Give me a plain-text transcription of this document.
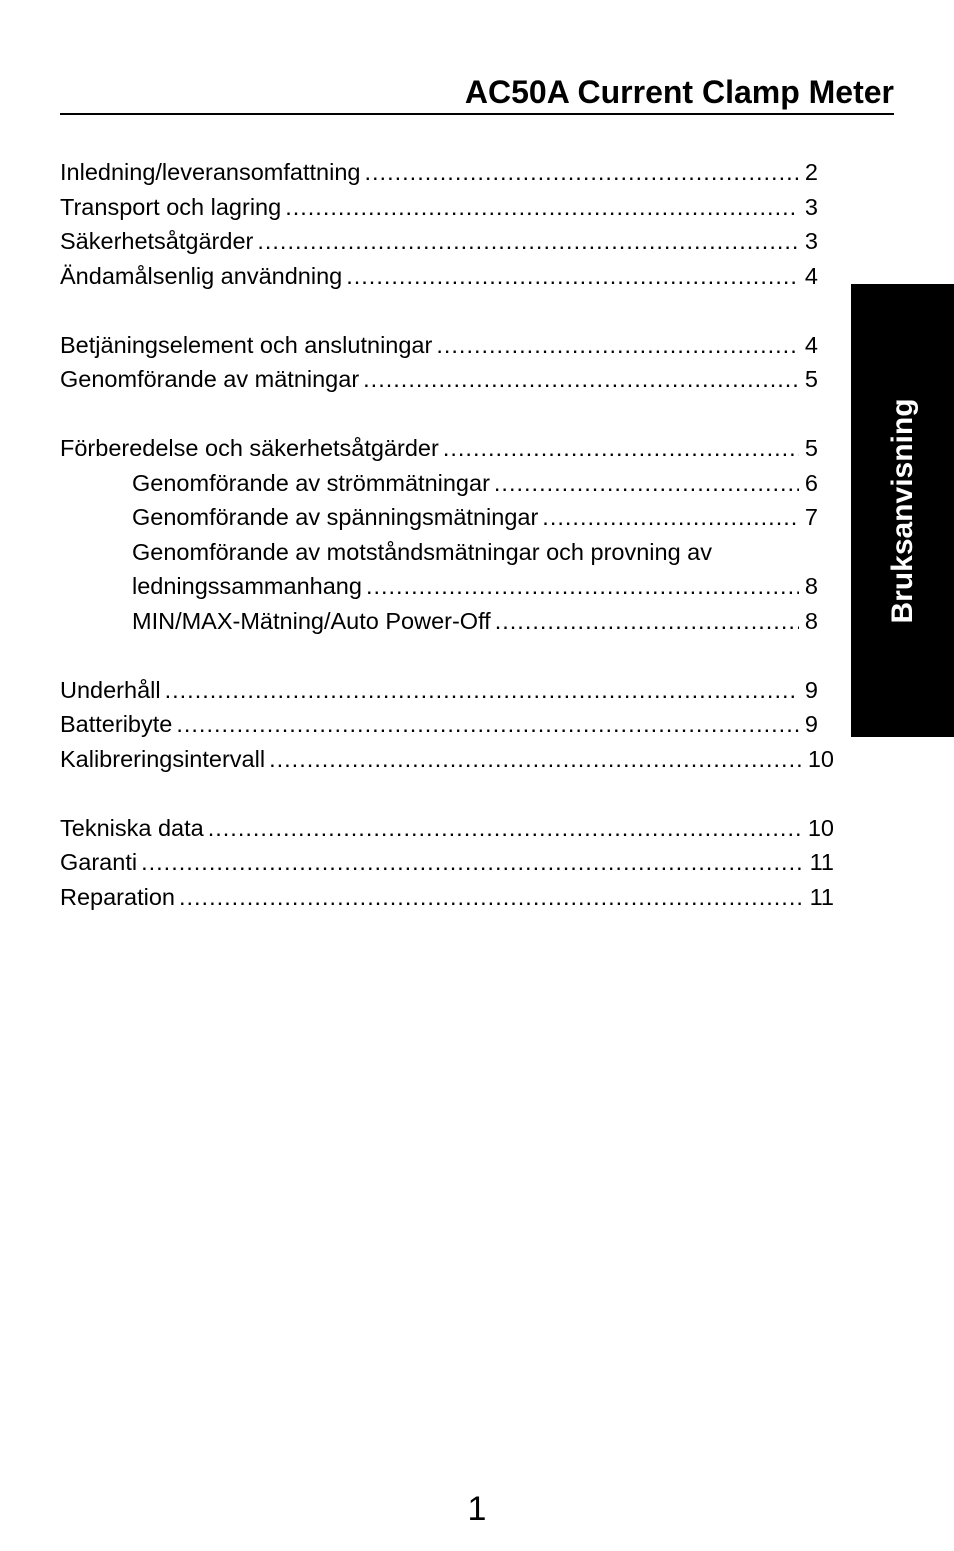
AC50A Current Clamp Meter
Bruksanvisning
Inledning/leveransomfattning .....	2
Transport och lagring .....	3
Säkerhetsåtgärder .....	3
Ändamålsenlig användning .....	4
Betjäningselement och anslutningar .....	4
Genomförande av mätningar .....	5
Förberedelse och säkerhetsåtgärder .....	5
Genomförande av strömmätningar .....	6
Genomförande av spänningsmätningar .....	7
Genomförande av motståndsmätningar och provning av
ledningssammanhang .....	8
MIN/MAX-Mätning/Auto Power-Off .....	8
Underhåll .....	9
Batteribyte .....	9
Kalibreringsintervall .....	10
Tekniska data .....	10
Garanti .....	11
Reparation .....	11
1
